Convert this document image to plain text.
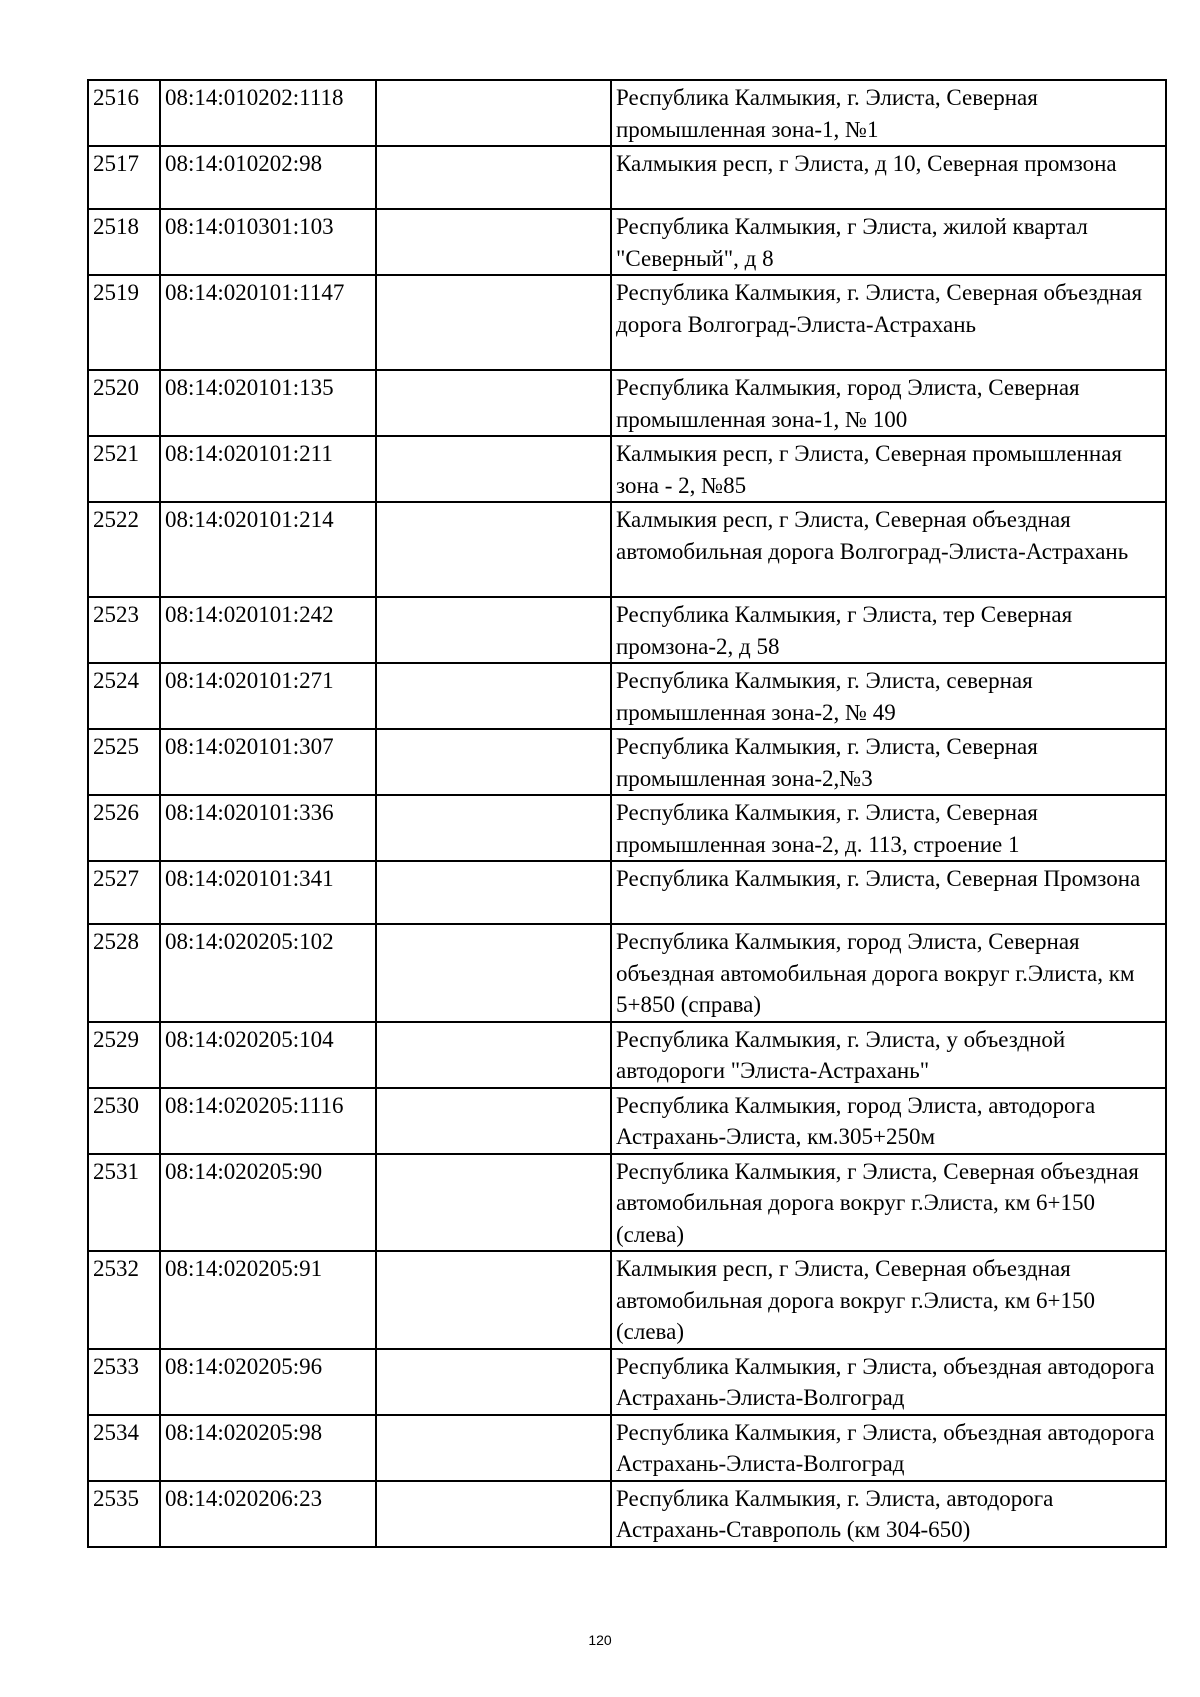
2516	08:14:010202:1118		Республика Калмыкия, г. Элиста, Северная промышленная зона-1, №1
2517	08:14:010202:98		Калмыкия респ, г Элиста, д 10, Северная промзона
2518	08:14:010301:103		Республика Калмыкия, г Элиста, жилой квартал "Северный", д 8
2519	08:14:020101:1147		Республика Калмыкия, г. Элиста, Северная объездная дорога Волгоград-Элиста-Астрахань
2520	08:14:020101:135		Республика Калмыкия, город Элиста, Северная промышленная зона-1, № 100
2521	08:14:020101:211		Калмыкия респ, г Элиста, Северная промышленная зона - 2, №85
2522	08:14:020101:214		Калмыкия респ, г Элиста, Северная объездная автомобильная дорога Волгоград-Элиста-Астрахань
2523	08:14:020101:242		Республика Калмыкия, г Элиста, тер Северная промзона-2, д 58
2524	08:14:020101:271		Республика Калмыкия, г. Элиста, северная промышленная зона-2, № 49
2525	08:14:020101:307		Республика Калмыкия, г. Элиста, Северная промышленная зона-2,№3
2526	08:14:020101:336		Республика Калмыкия, г. Элиста, Северная промышленная зона-2, д. 113, строение 1
2527	08:14:020101:341		Республика Калмыкия, г. Элиста, Северная Промзона
2528	08:14:020205:102		Республика Калмыкия, город Элиста, Северная объездная автомобильная дорога вокруг г.Элиста, км 5+850 (справа)
2529	08:14:020205:104		Республика Калмыкия, г. Элиста, у объездной автодороги "Элиста-Астрахань"
2530	08:14:020205:1116		Республика Калмыкия, город Элиста, автодорога Астрахань-Элиста, км.305+250м
2531	08:14:020205:90		Республика Калмыкия, г Элиста, Северная объездная автомобильная дорога вокруг г.Элиста, км 6+150 (слева)
2532	08:14:020205:91		Калмыкия респ, г Элиста, Северная объездная автомобильная дорога вокруг г.Элиста, км 6+150 (слева)
2533	08:14:020205:96		Республика Калмыкия, г Элиста, объездная автодорога Астрахань-Элиста-Волгоград
2534	08:14:020205:98		Республика Калмыкия, г Элиста, объездная автодорога Астрахань-Элиста-Волгоград
2535	08:14:020206:23		Республика Калмыкия, г. Элиста, автодорога Астрахань-Ставрополь (км 304-650)
120
